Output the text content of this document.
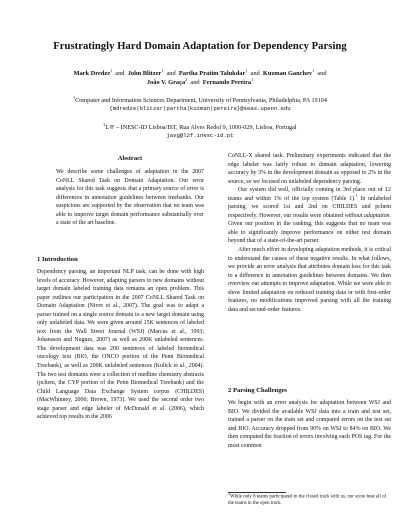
Frustratingly Hard Domain Adaptation for Dependency Parsing
Mark Dredze$^1$  and  John Blitzer$^1$  and  Partha Pratim Talukdar$^1$  and  Kuzman Ganchev$^1$  and
João V. Graça$^2$  and  Fernando Pereira$^1$
$^1$Computer and Information Sciences Department, University of Pennsylvania, Philadelphia, PA 19104
{mdredze|blitzer|partha|kuzman|pereira}@seas.upenn.edu
$^2$L²F – INESC-ID Lisboa/IST, Rua Alves Redol 9, 1000-029, Lisboa, Portugal
javg@l2f.inesc-id.pt
Abstract
We describe some challenges of adaptation in the 2007 CoNLL Shared Task on Domain Adaptation. Our error analysis for this task suggests that a primary source of error is differences in annotation guidelines between treebanks. Our suspicions are supported by the observation that no team was able to improve target domain performance substantially over a state of the art baseline.
1 Introduction
Dependency parsing, an important NLP task, can be done with high levels of accuracy. However, adapting parsers to new domains without target domain labeled training data remains an open problem. This paper outlines our participation in the 2007 CoNLL Shared Task on Domain Adaptation (Nivre et al., 2007). The goal was to adapt a parser trained on a single source domain to a new target domain using only unlabeled data. We were given around 15K sentences of labeled text from the Wall Street Journal (WSJ) (Marcus et al., 1993; Johansson and Nugues, 2007) as well as 200K unlabeled sentences. The development data was 200 sentences of labeled biomedical oncology text (BIO, the ONCO portion of the Penn Biomedical Treebank), as well as 200K unlabeled sentences (Kulick et al., 2004). The two test domains were a collection of medline chemistry abstracts (pchem, the CYP portion of the Penn Biomedical Treebank) and the Child Language Data Exchange System corpus (CHILDES) (MacWhinney, 2000; Brown, 1973). We used the second order two stage parser and edge labeler of McDonald et al. (2006), which achieved top results in the 2006

CoNLL-X shared task. Preliminary experiments indicated that the edge labeler was fairly robust to domain adaptation, lowering accuracy by 3% in the development domain as opposed to 2% in the source, so we focused on unlabeled dependency parsing.

Our system did well, officially coming in 3rd place out of 12 teams and within 1% of the top system (Table 1).$^1$ In unlabeled parsing, we scored 1st and 2nd on CHILDES and pchem respectively. However, our results were obtained without adaptation. Given our position in the ranking, this suggests that no team was able to significantly improve performance on either test domain beyond that of a state-of-the-art parser.

After much effort in developing adaptation methods, it is critical to understand the causes of these negative results. In what follows, we provide an error analysis that attributes domain loss for this task to a difference in annotation guidelines between domains. We then overview our attempts to improve adaptation. While we were able to show limited adaptation on reduced training data or with first-order features, no modifications improved parsing with all the training data and second-order features.

2 Parsing Challenges
We begin with an error analysis for adaptation between WSJ and BIO. We divided the available WSJ data into a train and test set, trained a parser on the train set and compared errors on the test set and BIO. Accuracy dropped from 90% on WSJ to 84% on BIO. We then computed the fraction of errors involving each POS tag. For the most common
$^1$While only 8 teams participated in the closed track with us, our score beat all of the teams in the open track.
